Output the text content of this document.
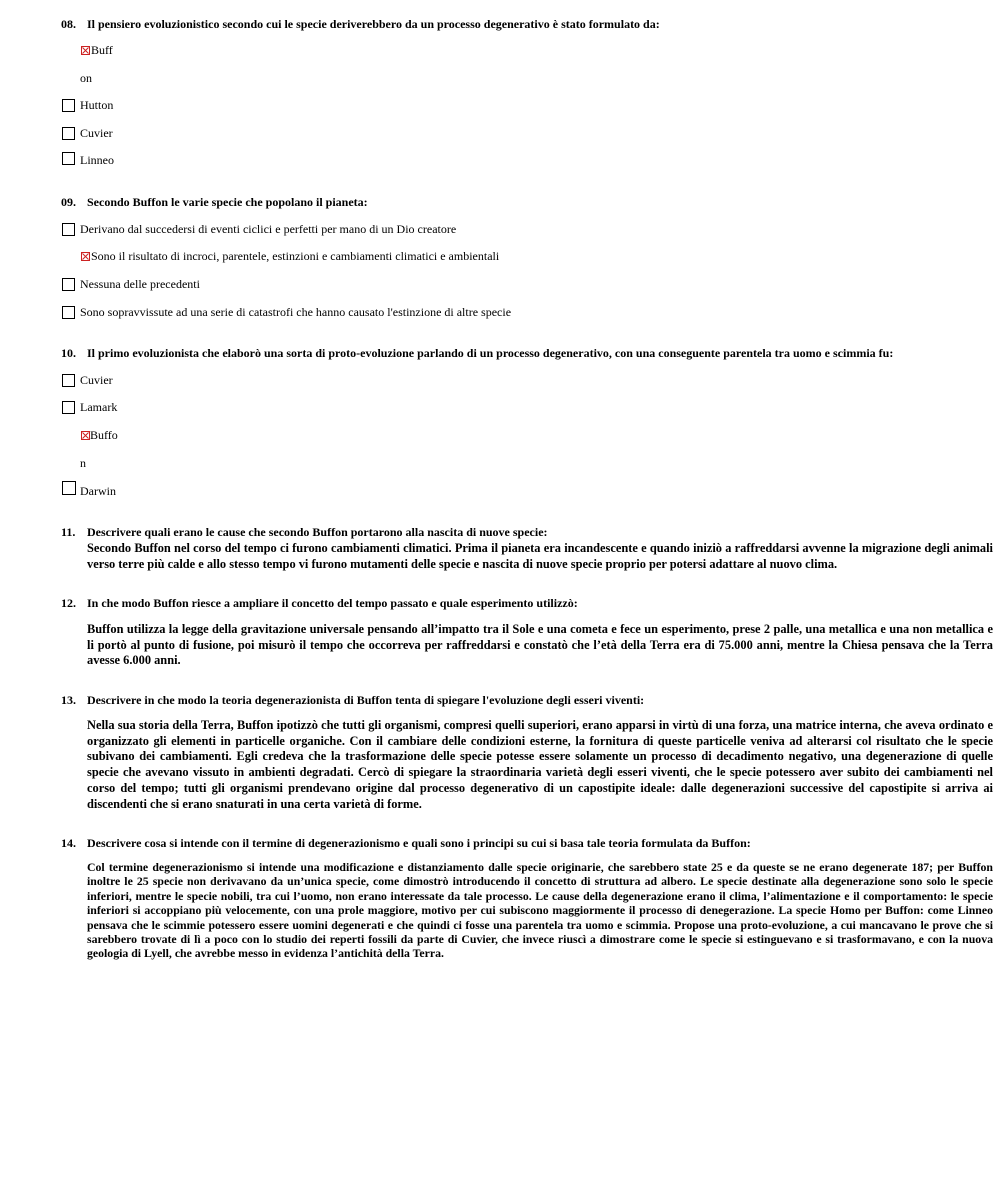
08. Il pensiero evoluzionistico secondo cui le specie deriverebbero da un processo degenerativo è stato formulato da:
Buff
on
Hutton
Cuvier
Linneo
09. Secondo Buffon le varie specie che popolano il pianeta:
Derivano dal succedersi di eventi ciclici e perfetti per mano di un Dio creatore
Sono il risultato di incroci, parentele, estinzioni e cambiamenti climatici e ambientali
Nessuna delle precedenti
Sono sopravvissute ad una serie di catastrofi che hanno causato l'estinzione di altre specie
10. Il primo evoluzionista che elaborò una sorta di proto-evoluzione parlando di un processo degenerativo, con una conseguente parentela tra uomo e scimmia fu:
Cuvier
Lamark
Buffo
n
Darwin
11. Descrivere quali erano le cause che secondo Buffon portarono alla nascita di nuove specie:
Secondo Buffon nel corso del tempo ci furono cambiamenti climatici. Prima il pianeta era incandescente e quando iniziò a raffreddarsi avvenne la migrazione degli animali verso terre più calde e allo stesso tempo vi furono mutamenti delle specie e nascita di nuove specie proprio per potersi adattare al nuovo clima.
12. In che modo Buffon riesce a ampliare il concetto del tempo passato e quale esperimento utilizzò:
Buffon utilizza la legge della gravitazione universale pensando all’impatto tra il Sole e una cometa e fece un esperimento, prese 2 palle, una metallica e una non metallica e li portò al punto di fusione, poi misurò il tempo che occorreva per raffreddarsi e constatò che l’età della Terra era di 75.000 anni, mentre la Chiesa pensava che la Terra avesse 6.000 anni.
13. Descrivere in che modo la teoria degenerazionista di Buffon tenta di spiegare l'evoluzione degli esseri viventi:
Nella sua storia della Terra, Buffon ipotizzò che tutti gli organismi, compresi quelli superiori, erano apparsi in virtù di una forza, una matrice interna, che aveva ordinato e organizzato gli elementi in particelle organiche. Con il cambiare delle condizioni esterne, la fornitura di queste particelle veniva ad alterarsi col risultato che le specie subivano dei cambiamenti. Egli credeva che la trasformazione delle specie potesse essere solamente un processo di decadimento negativo, una degenerazione di quelle specie che avevano vissuto in ambienti degradati. Cercò di spiegare la straordinaria varietà degli esseri viventi, che le specie potessero aver subito dei cambiamenti nel corso del tempo; tutti gli organismi prendevano origine dal processo degenerativo di un capostipite ideale: dalle degenerazioni successive del capostipite si arriva ai discendenti che si erano snaturati in una certa varietà di forme.
14. Descrivere cosa si intende con il termine di degenerazionismo e quali sono i principi su cui si basa tale teoria formulata da Buffon:
Col termine degenerazionismo si intende una modificazione e distanziamento dalle specie originarie, che sarebbero state 25 e da queste se ne erano degenerate 187; per Buffon inoltre le 25 specie non derivavano da un’unica specie, come dimostrò introducendo il concetto di struttura ad albero. Le specie destinate alla degenerazione sono solo le specie inferiori, mentre le specie nobili, tra cui l’uomo, non erano interessate da tale processo. Le cause della degenerazione erano il clima, l’alimentazione e il comportamento: le specie inferiori si accoppiano più velocemente, con una prole maggiore, motivo per cui subiscono maggiormente il processo di denegerazione. La specie Homo per Buffon: come Linneo pensava che le scimmie potessero essere uomini degenerati e che quindi ci fosse una parentela tra uomo e scimmia. Propose una proto-evoluzione, a cui mancavano le prove che si sarebbero trovate di lì a poco con lo studio dei reperti fossili da parte di Cuvier, che invece riuscì a dimostrare come le specie si estinguevano e si trasformavano, e con la nuova geologia di Lyell, che avrebbe messo in evidenza l’antichità della Terra.
